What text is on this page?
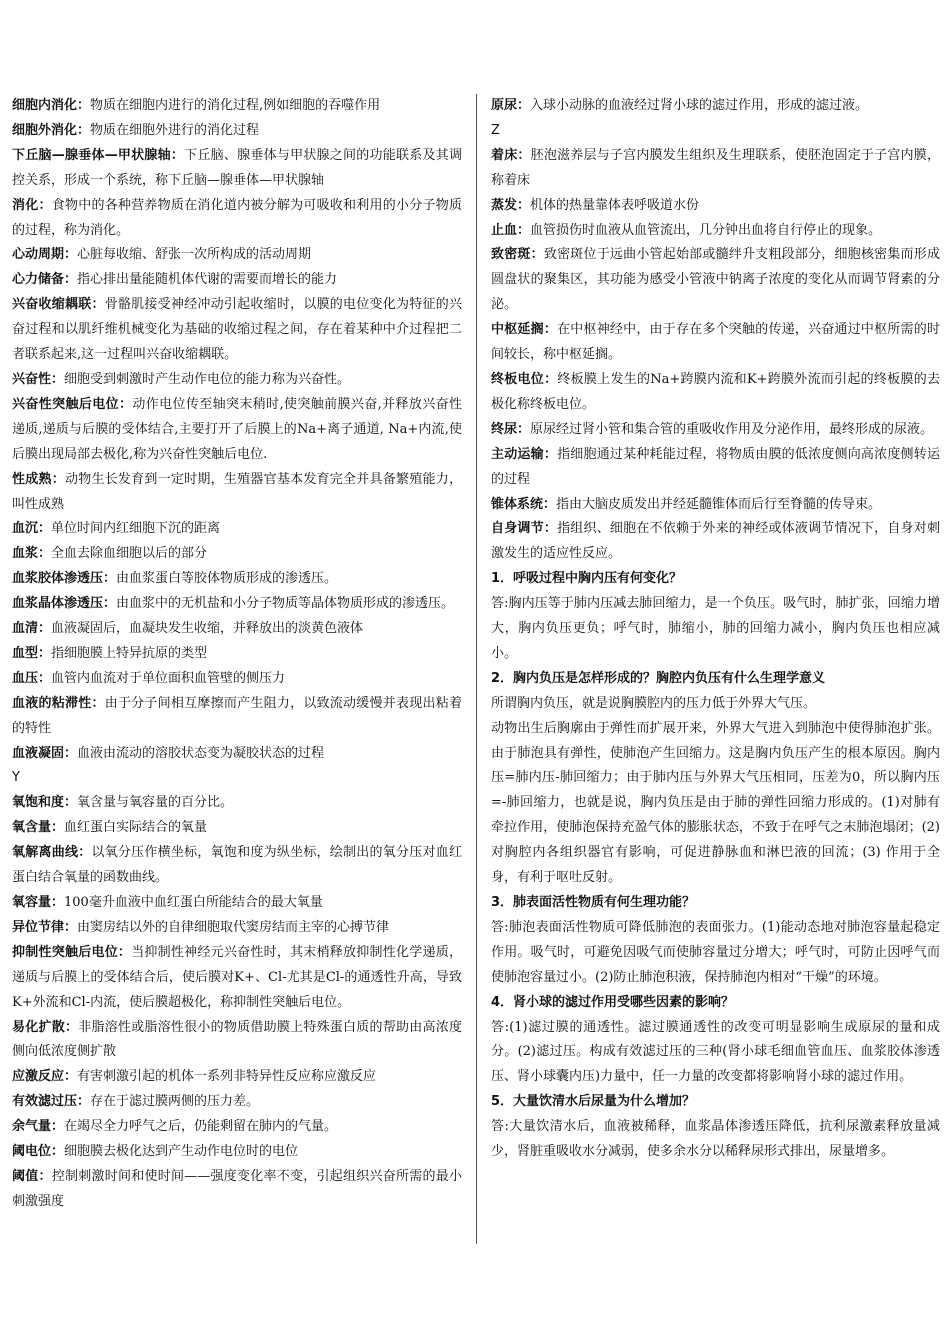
细胞内消化：物质在细胞内进行的消化过程,例如细胞的吞噬作用

细胞外消化：物质在细胞外进行的消化过程

下丘脑—腺垂体—甲状腺轴：下丘脑、腺垂体与甲状腺之间的功能联系及其调控关系，形成一个系统，称下丘脑—腺垂体—甲状腺轴

消化：食物中的各种营养物质在消化道内被分解为可吸收和利用的小分子物质的过程，称为消化。

心动周期：心脏每收缩、舒张一次所构成的活动周期

心力储备：指心排出量能随机体代谢的需要而增长的能力

兴奋收缩耦联：骨骼肌接受神经冲动引起收缩时，以膜的电位变化为特征的兴奋过程和以肌纤维机械变化为基础的收缩过程之间，存在着某种中介过程把二者联系起来,这一过程叫兴奋收缩耦联。

兴奋性：细胞受到刺激时产生动作电位的能力称为兴奋性。

兴奋性突触后电位：动作电位传至轴突末稍时,使突触前膜兴奋,并释放兴奋性递质,递质与后膜的受体结合,主要打开了后膜上的Na+离子通道, Na+内流,使后膜出现局部去极化,称为兴奋性突触后电位.

性成熟：动物生长发育到一定时期，生殖器官基本发育完全并具备繁殖能力，叫性成熟

血沉：单位时间内红细胞下沉的距离

血浆：全血去除血细胞以后的部分

血浆胶体渗透压：由血浆蛋白等胶体物质形成的渗透压。

血浆晶体渗透压：由血浆中的无机盐和小分子物质等晶体物质形成的渗透压。

血清：血液凝固后，血凝块发生收缩，并释放出的淡黄色液体

血型：指细胞膜上特异抗原的类型

血压：血管内血流对于单位面积血管壁的侧压力

血液的粘滞性：由于分子间相互摩擦而产生阻力，以致流动缓慢并表现出粘着的特性

血液凝固：血液由流动的溶胶状态变为凝胶状态的过程

Y

氧饱和度：氧含量与氧容量的百分比。

氧含量：血红蛋白实际结合的氧量

氧解离曲线：以氧分压作横坐标，氧饱和度为纵坐标，绘制出的氧分压对血红蛋白结合氧量的函数曲线。

氧容量：100毫升血液中血红蛋白所能结合的最大氧量

异位节律：由窦房结以外的自律细胞取代窦房结而主宰的心搏节律

抑制性突触后电位：当抑制性神经元兴奋性时，其末梢释放抑制性化学递质，递质与后膜上的受体结合后，使后膜对K+、Cl-尤其是Cl-的通透性升高，导致K+外流和Cl-内流，使后膜超极化，称抑制性突触后电位。

易化扩散：非脂溶性或脂溶性很小的物质借助膜上特殊蛋白质的帮助由高浓度侧向低浓度侧扩散

应激反应：有害刺激引起的机体一系列非特异性反应称应激反应

有效滤过压：存在于滤过膜两侧的压力差。

余气量：在竭尽全力呼气之后，仍能剩留在肺内的气量。

阈电位：细胞膜去极化达到产生动作电位时的电位

阈值：控制刺激时间和使时间——强度变化率不变，引起组织兴奋所需的最小刺激强度

原尿：入球小动脉的血液经过肾小球的滤过作用，形成的滤过液。

Z

着床：胚泡滋养层与子宫内膜发生组织及生理联系，使胚泡固定于子宫内膜，称着床

蒸发：机体的热量靠体表呼吸道水份

止血：血管损伤时血液从血管流出，几分钟出血将自行停止的现象。

致密斑：致密斑位于远曲小管起始部或髓绊升支粗段部分，细胞核密集而形成圆盘状的聚集区，其功能为感受小管液中钠离子浓度的变化从而调节肾素的分泌。

中枢延搁：在中枢神经中，由于存在多个突触的传递，兴奋通过中枢所需的时间较长，称中枢延搁。

终板电位：终板膜上发生的Na+跨膜内流和K+跨膜外流而引起的终板膜的去极化称终板电位。

终尿：原尿经过肾小管和集合管的重吸收作用及分泌作用，最终形成的尿液。

主动运输：指细胞通过某种耗能过程，将物质由膜的低浓度侧向高浓度侧转运的过程

锥体系统：指由大脑皮质发出并经延髓锥体而后行至脊髓的传导束。

自身调节：指组织、细胞在不依赖于外来的神经或体液调节情况下，自身对刺激发生的适应性反应。

1．呼吸过程中胸内压有何变化？

答:胸内压等于肺内压减去肺回缩力，是一个负压。吸气时，肺扩张，回缩力增大，胸内负压更负；呼气时，肺缩小，肺的回缩力减小，胸内负压也相应减小。

2．胸内负压是怎样形成的？胸腔内负压有什么生理学意义

所谓胸内负压，就是说胸膜腔内的压力低于外界大气压。

动物出生后胸廓由于弹性而扩展开来，外界大气进入到肺泡中使得肺泡扩张。由于肺泡具有弹性，使肺泡产生回缩力。这是胸内负压产生的根本原因。胸内压=肺内压-肺回缩力；由于肺内压与外界大气压相同，压差为0，所以胸内压=-肺回缩力，也就是说，胸内负压是由于肺的弹性回缩力形成的。(1)对肺有牵拉作用，使肺泡保持充盈气体的膨胀状态，不致于在呼气之末肺泡塌闭；(2)对胸腔内各组织器官有影响，可促进静脉血和淋巴液的回流；(3) 作用于全身，有利于呕吐反射。

3．肺表面活性物质有何生理功能？

答:肺泡表面活性物质可降低肺泡的表面张力。(1)能动态地对肺泡容量起稳定作用。吸气时，可避免因吸气而使肺容量过分增大；呼气时，可防止因呼气而使肺泡容量过小。(2)防止肺泡积液，保持肺泡内相对“干燥”的环境。

4．肾小球的滤过作用受哪些因素的影响？

答:(1)滤过膜的通透性。滤过膜通透性的改变可明显影响生成原尿的量和成分。(2)滤过压。构成有效滤过压的三种(肾小球毛细血管血压、血浆胶体渗透压、肾小球囊内压)力量中，任一力量的改变都将影响肾小球的滤过作用。

5．大量饮清水后尿量为什么增加？

答:大量饮清水后，血液被稀释，血浆晶体渗透压降低，抗利尿激素释放量减少，肾脏重吸收水分减弱，使多余水分以稀释尿形式排出，尿量增多。
